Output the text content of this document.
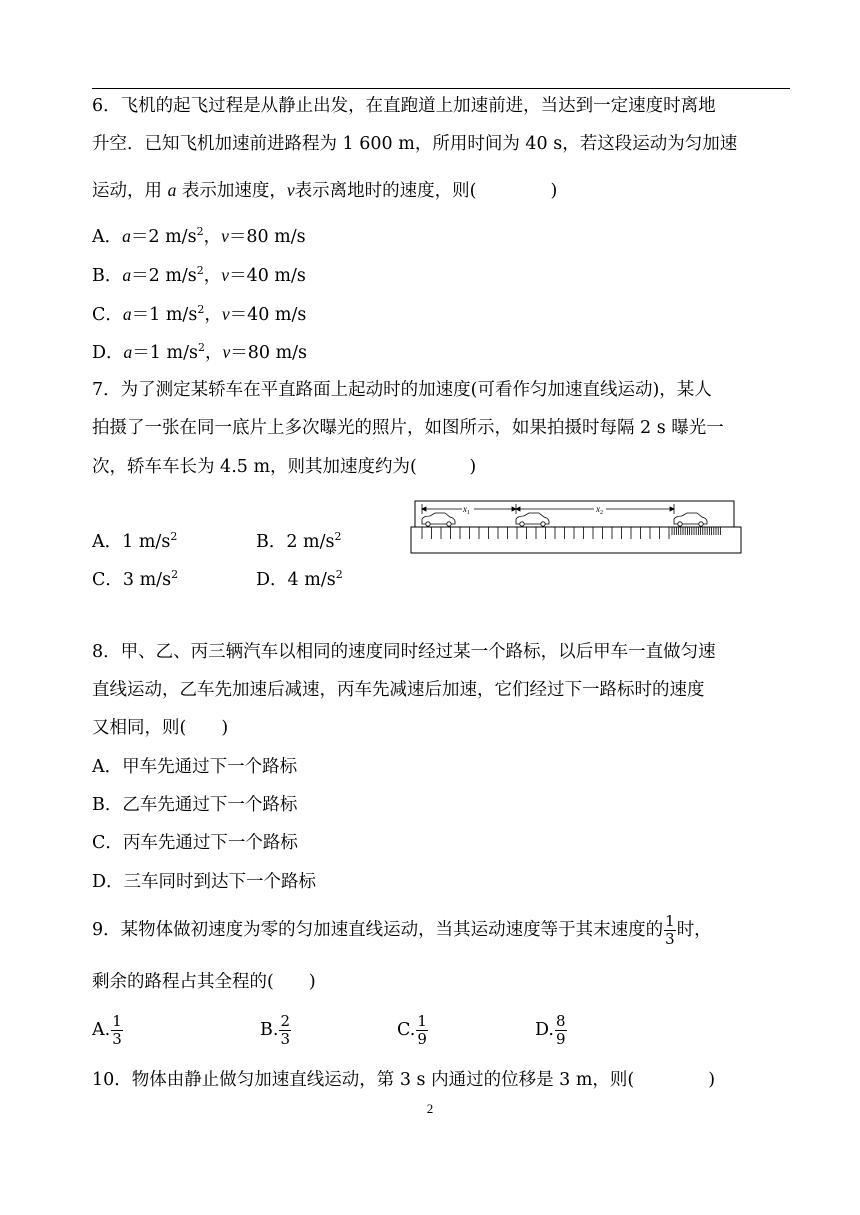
6．飞机的起飞过程是从静止出发，在直跑道上加速前进，当达到一定速度时离地
升空．已知飞机加速前进路程为 1 600 m，所用时间为 40 s，若这段运动为匀加速
运动，用 a 表示加速度，v表示离地时的速度，则(	)
A．a＝2 $m/s^2$，v＝80 m/s
B．a＝2 $m/s^2$，v＝40 m/s
C．a＝1 $m/s^2$，v＝40 m/s
D．a＝1 $m/s^2$，v＝80 m/s
7．为了测定某轿车在平直路面上起动时的加速度(可看作匀加速直线运动)，某人
拍摄了一张在同一底片上多次曝光的照片，如图所示，如果拍摄时每隔 2 s 曝光一
次，轿车车长为 4.5 m，则其加速度约为(　　　)
A．1 $m/s^2$	B．2 $m/s^2$
C．3 $m/s^2$	D．4 $m/s^2$
$x_1$	$x_2$
8．甲、乙、丙三辆汽车以相同的速度同时经过某一个路标，以后甲车一直做匀速
直线运动，乙车先加速后减速，丙车先减速后加速，它们经过下一路标时的速度
又相同，则(　　)
A．甲车先通过下一个路标
B．乙车先通过下一个路标
C．丙车先通过下一个路标
D．三车同时到达下一个路标
9．某物体做初速度为零的匀加速直线运动，当其运动速度等于其末速度的 $\frac{1}{3}$ 时，
剩余的路程占其全程的(　　)
A. $\frac{1}{3}$	B. $\frac{2}{3}$	C. $\frac{1}{9}$	D. $\frac{8}{9}$
10．物体由静止做匀加速直线运动，第 3 s 内通过的位移是 3 m，则(	)
2
